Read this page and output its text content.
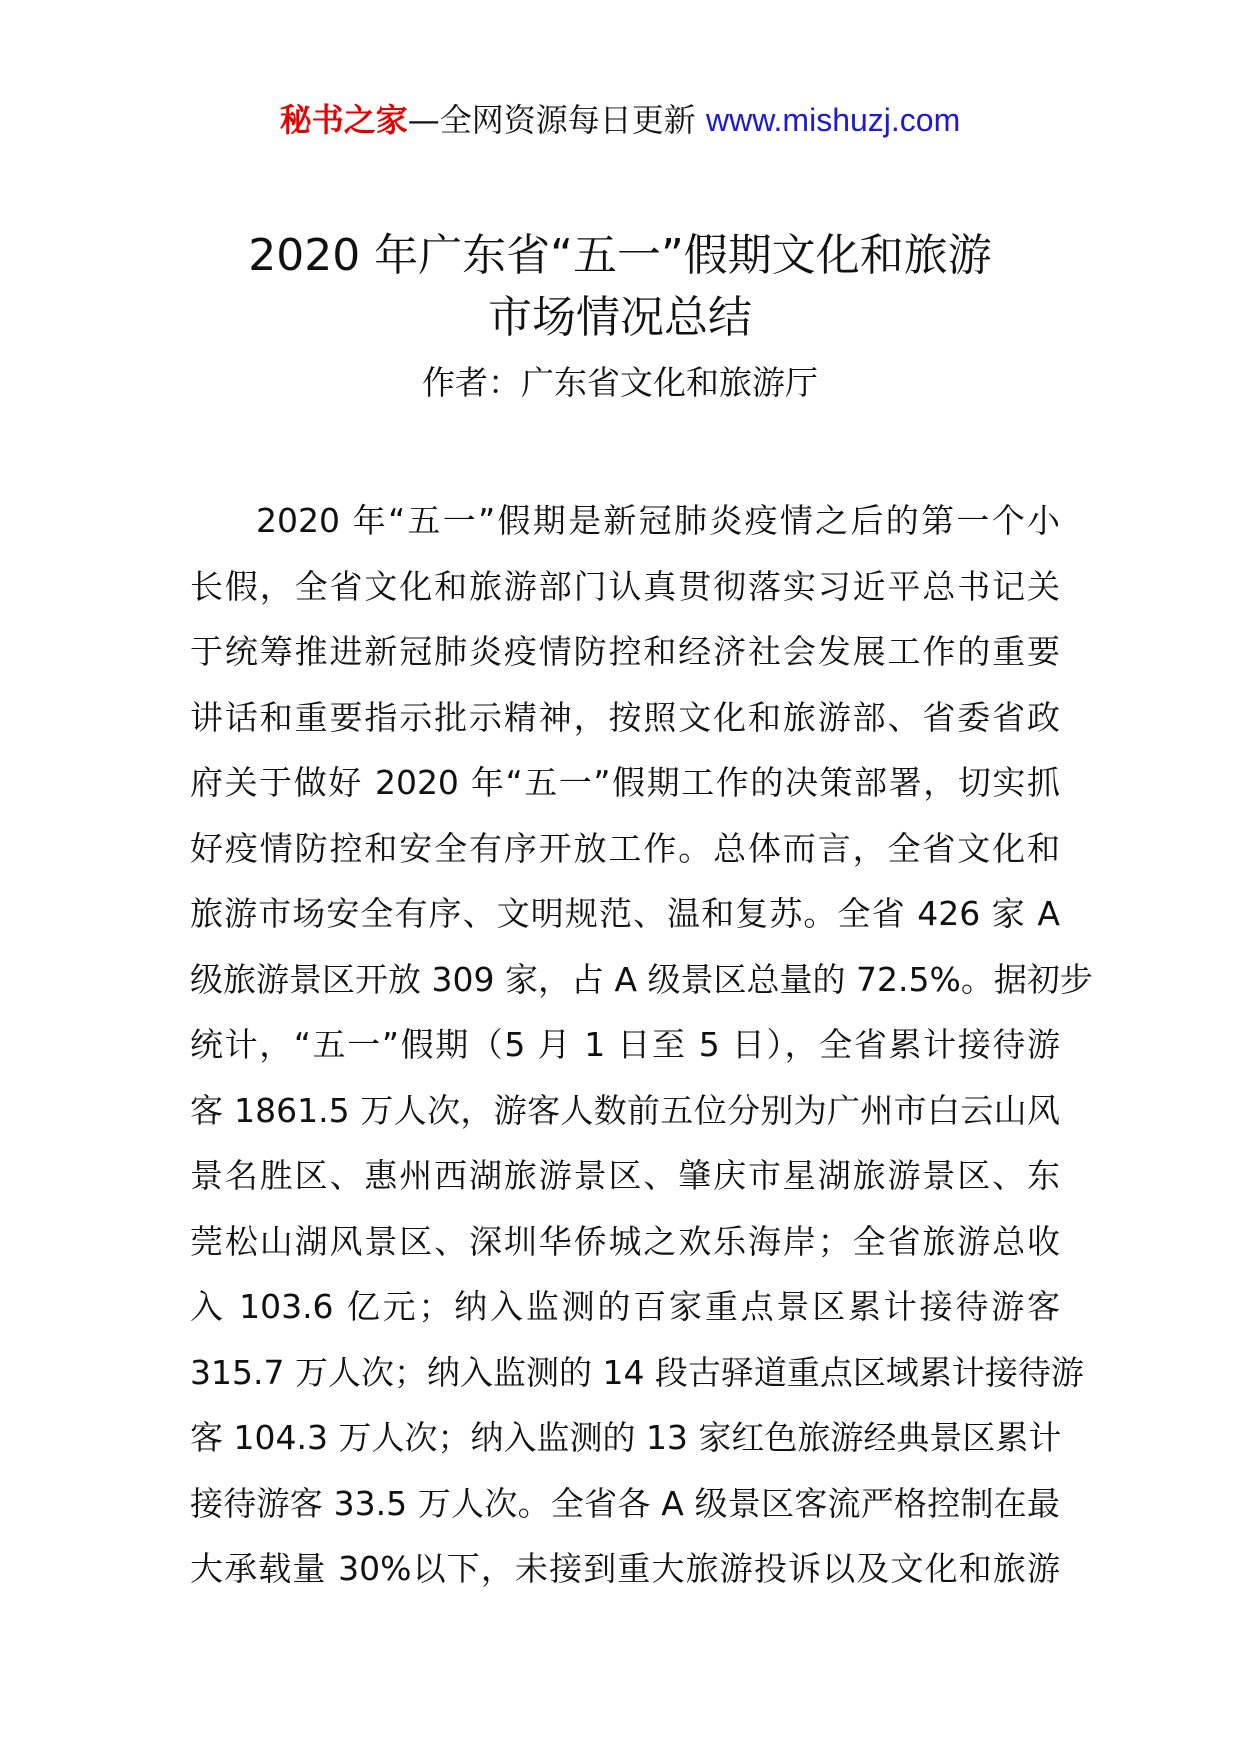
秘书之家—全网资源每日更新 www.mishuzj.com
2020 年广东省“五一”假期文化和旅游
市场情况总结
作者：广东省文化和旅游厅
2020 年“五一”假期是新冠肺炎疫情之后的第一个小
长假，全省文化和旅游部门认真贯彻落实习近平总书记关
于统筹推进新冠肺炎疫情防控和经济社会发展工作的重要
讲话和重要指示批示精神，按照文化和旅游部、省委省政
府关于做好 2020 年“五一”假期工作的决策部署，切实抓
好疫情防控和安全有序开放工作。总体而言，全省文化和
旅游市场安全有序、文明规范、温和复苏。全省 426 家 A
级旅游景区开放 309 家，占 A 级景区总量的 72.5%。据初步
统计，“五一”假期（5 月 1 日至 5 日），全省累计接待游
客 1861.5 万人次，游客人数前五位分别为广州市白云山风
景名胜区、惠州西湖旅游景区、肇庆市星湖旅游景区、东
莞松山湖风景区、深圳华侨城之欢乐海岸；全省旅游总收
入 103.6 亿元；纳入监测的百家重点景区累计接待游客
315.7 万人次；纳入监测的 14 段古驿道重点区域累计接待游
客 104.3 万人次；纳入监测的 13 家红色旅游经典景区累计
接待游客 33.5 万人次。全省各 A 级景区客流严格控制在最
大承载量 30%以下，未接到重大旅游投诉以及文化和旅游
